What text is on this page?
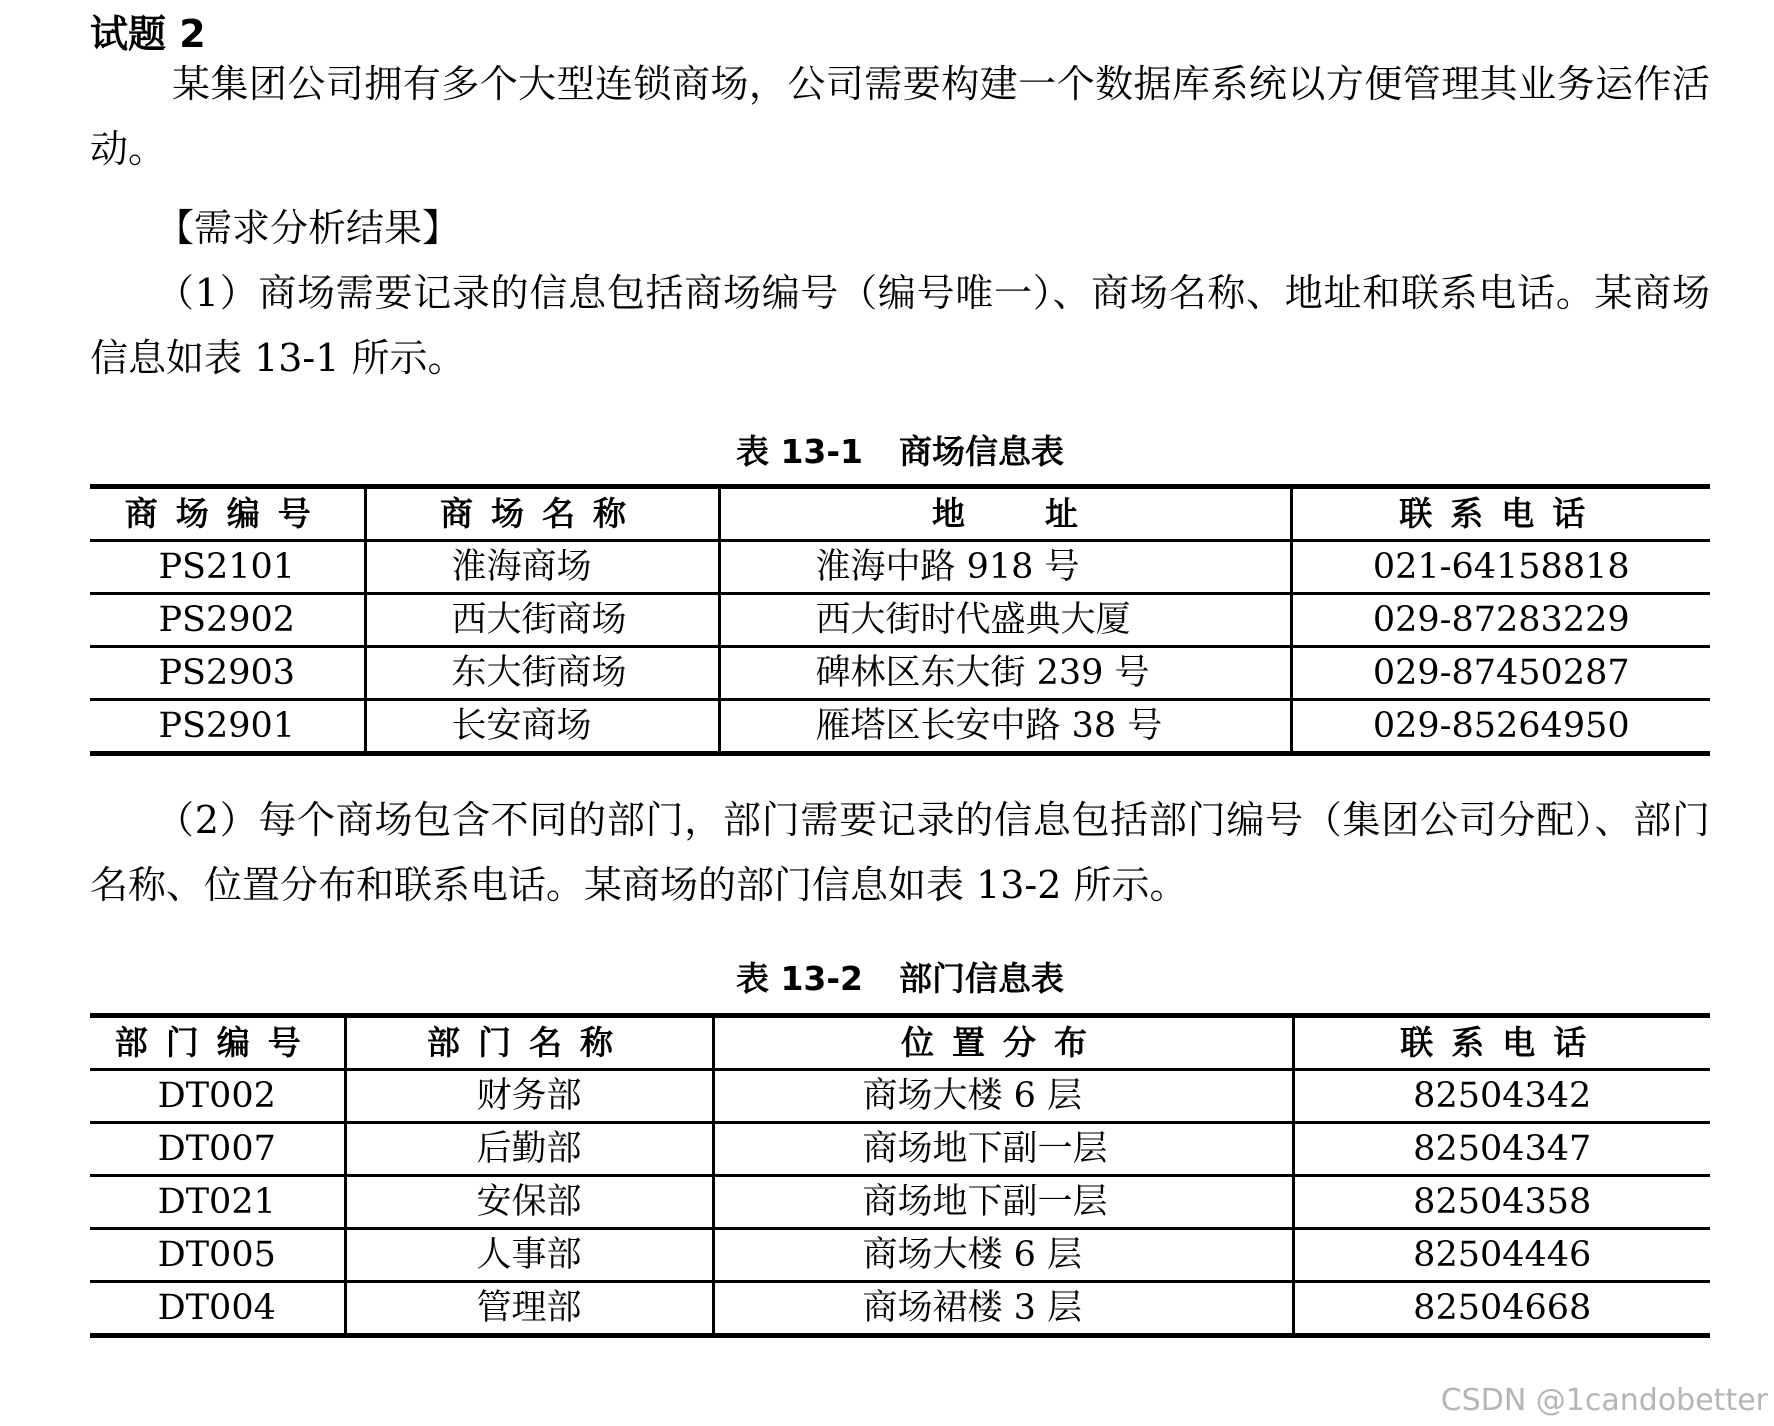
试题 2

某集团公司拥有多个大型连锁商场，公司需要构建一个数据库系统以方便管理其业务运作活动。

【需求分析结果】

（1）商场需要记录的信息包括商场编号（编号唯一）、商场名称、地址和联系电话。某商场信息如表 13-1 所示。

表 13-1 商场信息表
商场编号	商场名称	地址	联系电话
PS2101	淮海商场	淮海中路 918 号	021-64158818
PS2902	西大街商场	西大街时代盛典大厦	029-87283229
PS2903	东大街商场	碑林区东大街 239 号	029-87450287
PS2901	长安商场	雁塔区长安中路 38 号	029-85264950

（2）每个商场包含不同的部门，部门需要记录的信息包括部门编号（集团公司分配）、部门名称、位置分布和联系电话。某商场的部门信息如表 13-2 所示。

表 13-2 部门信息表
部门编号	部门名称	位置分布	联系电话
DT002	财务部	商场大楼 6 层	82504342
DT007	后勤部	商场地下副一层	82504347
DT021	安保部	商场地下副一层	82504358
DT005	人事部	商场大楼 6 层	82504446
DT004	管理部	商场裙楼 3 层	82504668
CSDN @1candobetter
